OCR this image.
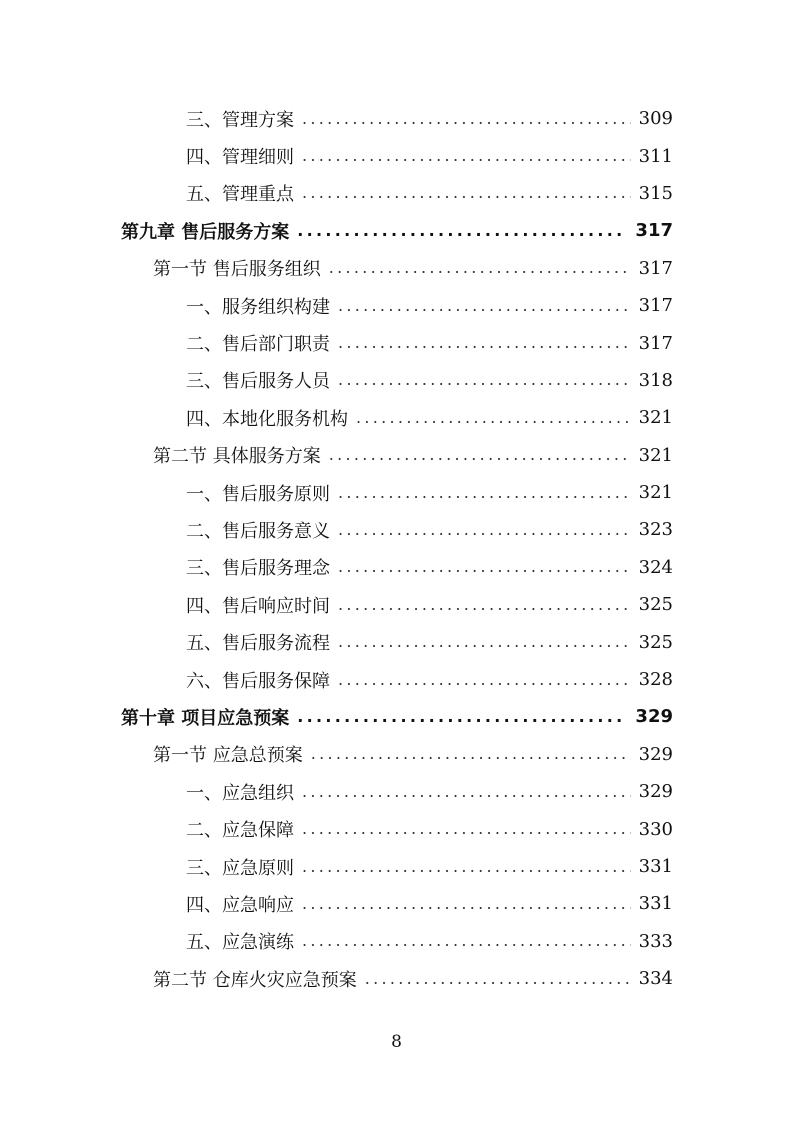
三、管理方案 .....	309
四、管理细则 .....	311
五、管理重点 .....	315
第九章 售后服务方案 .....	317
第一节 售后服务组织 .....	317
一、服务组织构建 .....	317
二、售后部门职责 .....	317
三、售后服务人员 .....	318
四、本地化服务机构 .....	321
第二节 具体服务方案 .....	321
一、售后服务原则 .....	321
二、售后服务意义 .....	323
三、售后服务理念 .....	324
四、售后响应时间 .....	325
五、售后服务流程 .....	325
六、售后服务保障 .....	328
第十章 项目应急预案 .....	329
第一节 应急总预案 .....	329
一、应急组织 .....	329
二、应急保障 .....	330
三、应急原则 .....	331
四、应急响应 .....	331
五、应急演练 .....	333
第二节 仓库火灾应急预案 .....	334
8
